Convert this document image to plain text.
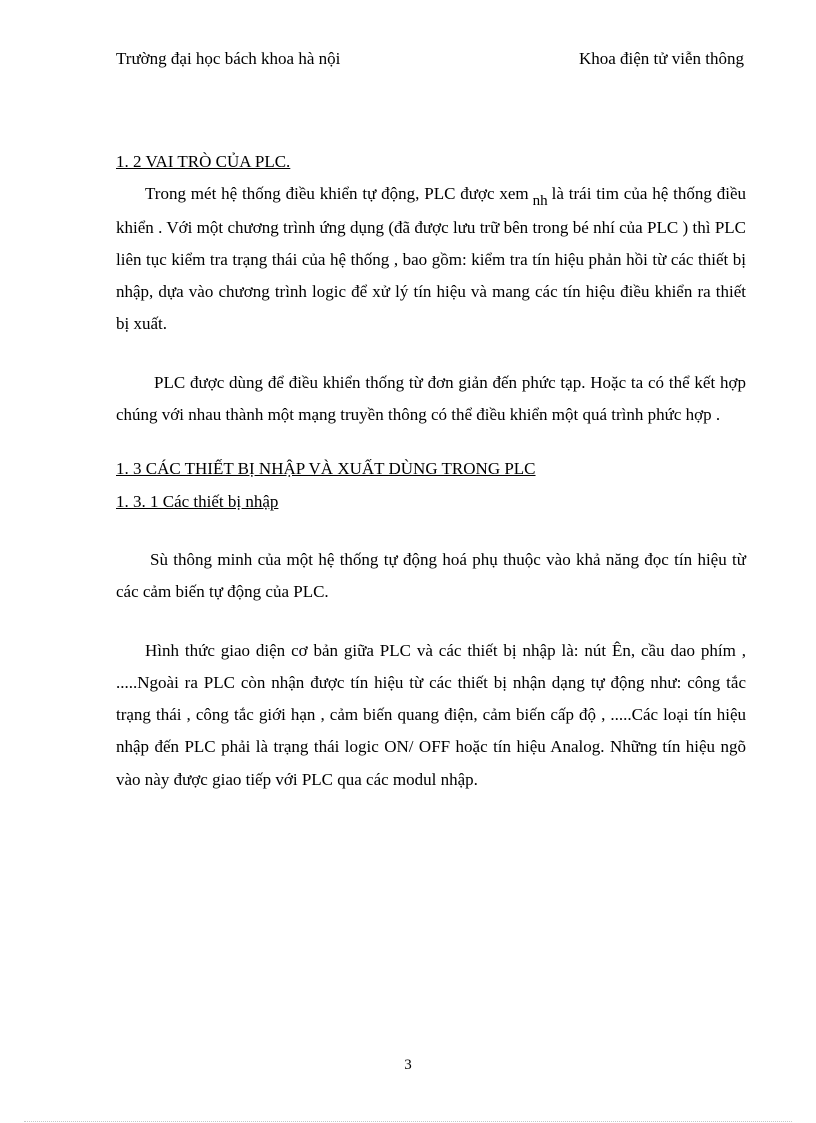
Trường đại học bách khoa hà nội	Khoa điện tử viễn thông
1. 2 VAI TRÒ CỦA PLC.

Trong mét hệ thống điều khiển tự động, PLC được xem nh là trái tim của hệ thống điều khiển . Với một chương trình ứng dụng (đã được lưu trữ bên trong bé nhí của PLC ) thì PLC liên tục kiểm tra trạng thái của hệ thống , bao gồm: kiểm tra tín hiệu phản hồi từ các thiết bị nhập, dựa vào chương trình logic để xử lý tín hiệu và mang các tín hiệu điều khiển ra thiết bị xuất.

PLC được dùng để điều khiển thống từ đơn giản đến phức tạp. Hoặc ta có thể kết hợp chúng với nhau thành một mạng truyền thông có thể điều khiển một quá trình phức hợp .

1. 3 CÁC THIẾT BỊ NHẬP VÀ XUẤT DÙNG TRONG PLC
1. 3. 1 Các thiết bị nhập

Sù thông minh của một hệ thống tự động hoá phụ thuộc vào khả năng đọc tín hiệu từ các cảm biến tự động của PLC.

Hình thức giao diện cơ bản giữa PLC và các thiết bị nhập là: nút Ên, cầu dao phím , .....Ngoài ra PLC còn nhận được tín hiệu từ các thiết bị nhận dạng tự động như: công tắc trạng thái , công tắc giới hạn , cảm biến quang điện, cảm biến cấp độ , .....Các loại tín hiệu nhập đến PLC phải là trạng thái logic ON/ OFF hoặc tín hiệu Analog. Những tín hiệu ngõ vào này được giao tiếp với PLC qua các modul nhập.

3
